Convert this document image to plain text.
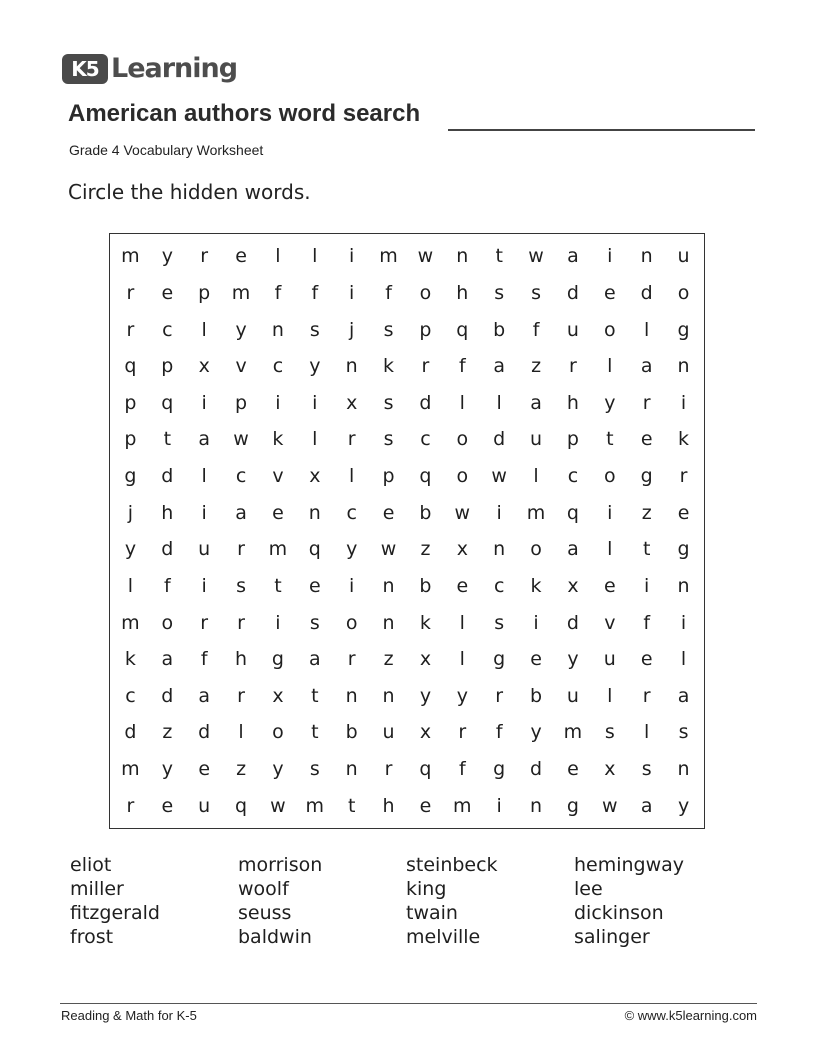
K5 Learning
American authors word search
Grade 4 Vocabulary Worksheet
Circle the hidden words.
m	y	r	e	l	l	i	m	w	n	t	w	a	i	n	u
r	e	p	m	f	f	i	f	o	h	s	s	d	e	d	o
r	c	l	y	n	s	j	s	p	q	b	f	u	o	l	g
q	p	x	v	c	y	n	k	r	f	a	z	r	l	a	n
p	q	i	p	i	i	x	s	d	l	l	a	h	y	r	i
p	t	a	w	k	l	r	s	c	o	d	u	p	t	e	k
g	d	l	c	v	x	l	p	q	o	w	l	c	o	g	r
j	h	i	a	e	n	c	e	b	w	i	m	q	i	z	e
y	d	u	r	m	q	y	w	z	x	n	o	a	l	t	g
l	f	i	s	t	e	i	n	b	e	c	k	x	e	i	n
m	o	r	r	i	s	o	n	k	l	s	i	d	v	f	i
k	a	f	h	g	a	r	z	x	l	g	e	y	u	e	l
c	d	a	r	x	t	n	n	y	y	r	b	u	l	r	a
d	z	d	l	o	t	b	u	x	r	f	y	m	s	l	s
m	y	e	z	y	s	n	r	q	f	g	d	e	x	s	n
r	e	u	q	w	m	t	h	e	m	i	n	g	w	a	y
eliot	morrison	steinbeck	hemingway
miller	woolf	king	lee
fitzgerald	seuss	twain	dickinson
frost	baldwin	melville	salinger
Reading & Math for K-5	© www.k5learning.com
